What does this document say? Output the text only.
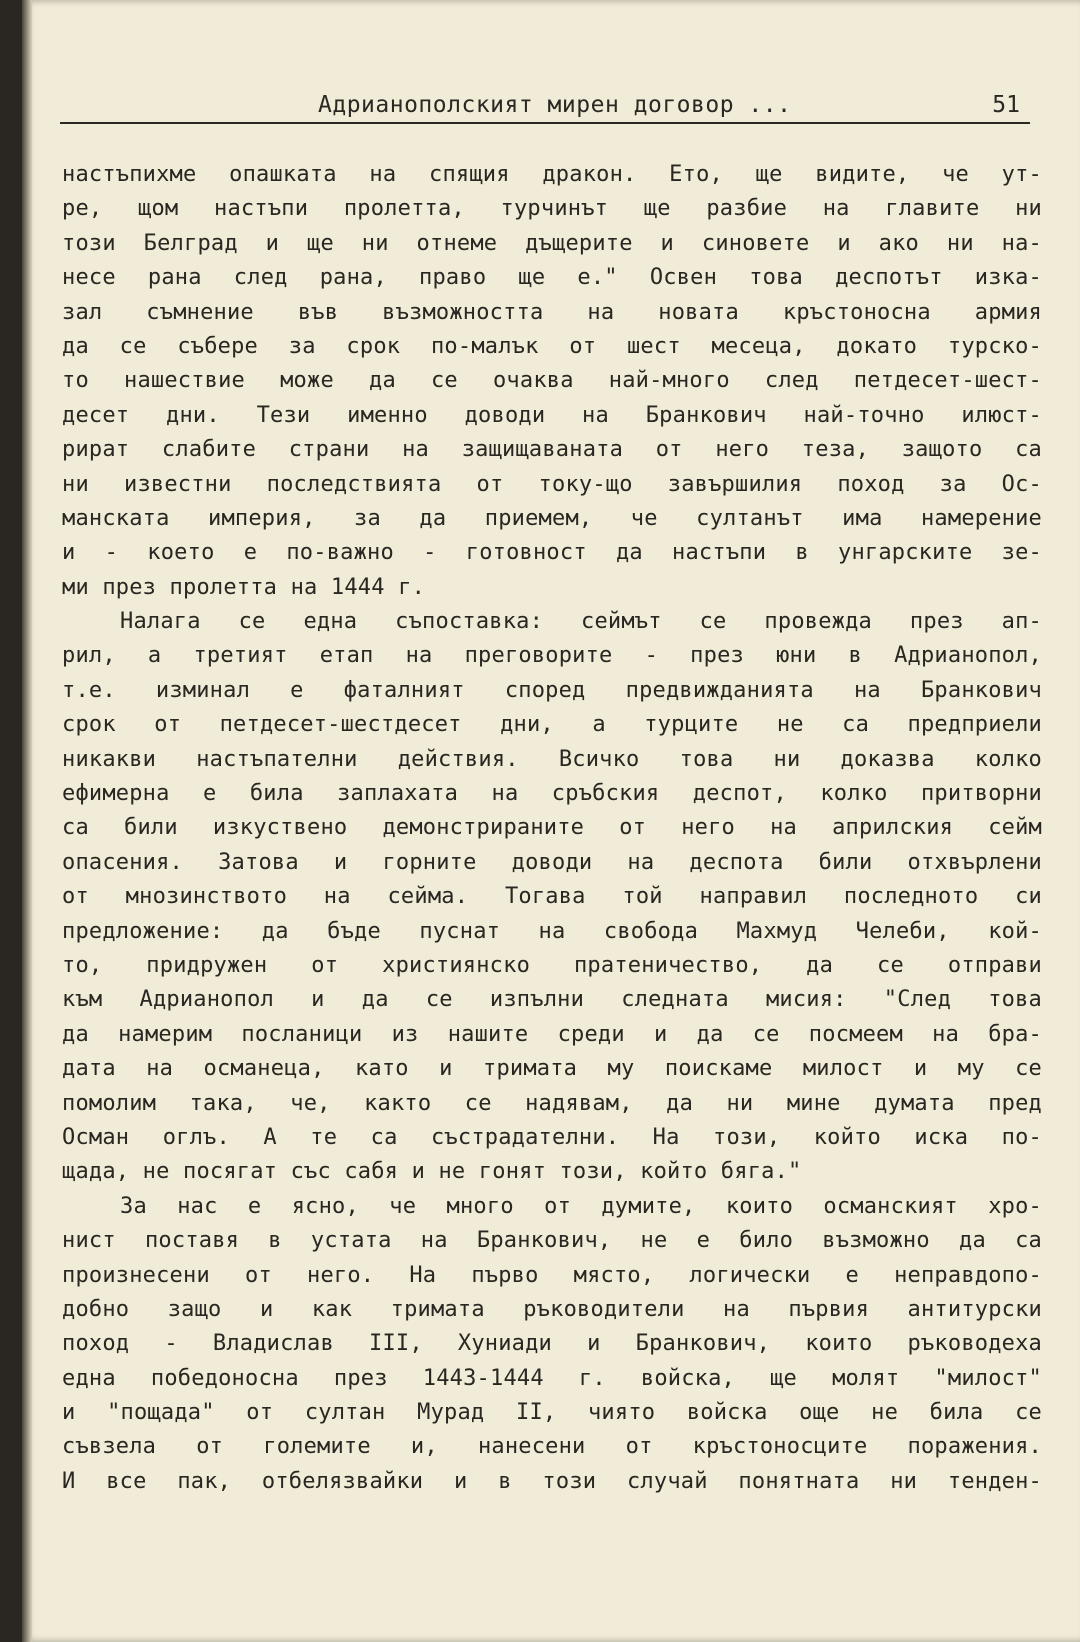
Адрианополският мирен договор ...	51
настъпихме опашката на спящия дракон. Ето, ще видите, че ут-
ре, щом настъпи пролетта, турчинът ще разбие на главите ни
този Белград и ще ни отнеме дъщерите и синовете и ако ни на-
несе рана след рана, право ще е." Освен това деспотът изка-
зал съмнение във възможността на новата кръстоносна армия
да се събере за срок по-малък от шест месеца, докато турско-
то нашествие може да се очаква най-много след петдесет-шест-
десет дни. Тези именно доводи на Бранкович най-точно илюст-
рират слабите страни на защищаваната от него теза, защото са
ни известни последствията от току-що завършилия поход за Ос-
манската империя, за да приемем, че султанът има намерение
и - което е по-важно - готовност да настъпи в унгарските зе-
ми през пролетта на 1444 г.
Налага се една съпоставка: сеймът се провежда през ап-
рил, а третият етап на преговорите - през юни в Адрианопол,
т.е. изминал е фаталният според предвижданията на Бранкович
срок от петдесет-шестдесет дни, а турците не са предприели
никакви настъпателни действия. Всичко това ни доказва колко
ефимерна е била заплахата на сръбския деспот, колко притворни
са били изкуствено демонстрираните от него на априлския сейм
опасения. Затова и горните доводи на деспота били отхвърлени
от мнозинството на сейма. Тогава той направил последното си
предложение: да бъде пуснат на свобода Махмуд Челеби, кой-
то, придружен от християнско пратеничество, да се отправи
към Адрианопол и да се изпълни следната мисия: "След това
да намерим посланици из нашите среди и да се посмеем на бра-
дата на османеца, като и тримата му поискаме милост и му се
помолим така, че, както се надявам, да ни мине думата пред
Осман оглъ. А те са състрадателни. На този, който иска по-
щада, не посягат със сабя и не гонят този, който бяга."
За нас е ясно, че много от думите, които османският хро-
нист поставя в устата на Бранкович, не е било възможно да са
произнесени от него. На първо място, логически е неправдопо-
добно защо и как тримата ръководители на първия антитурски
поход - Владислав III, Хуниади и Бранкович, които ръководеха
една победоносна през 1443-1444 г. войска, ще молят "милост"
и "пощада" от султан Мурад II, чиято войска още не била се
съвзела от големите и, нанесени от кръстоносците поражения.
И все пак, отбелязвайки и в този случай понятната ни тенден-
